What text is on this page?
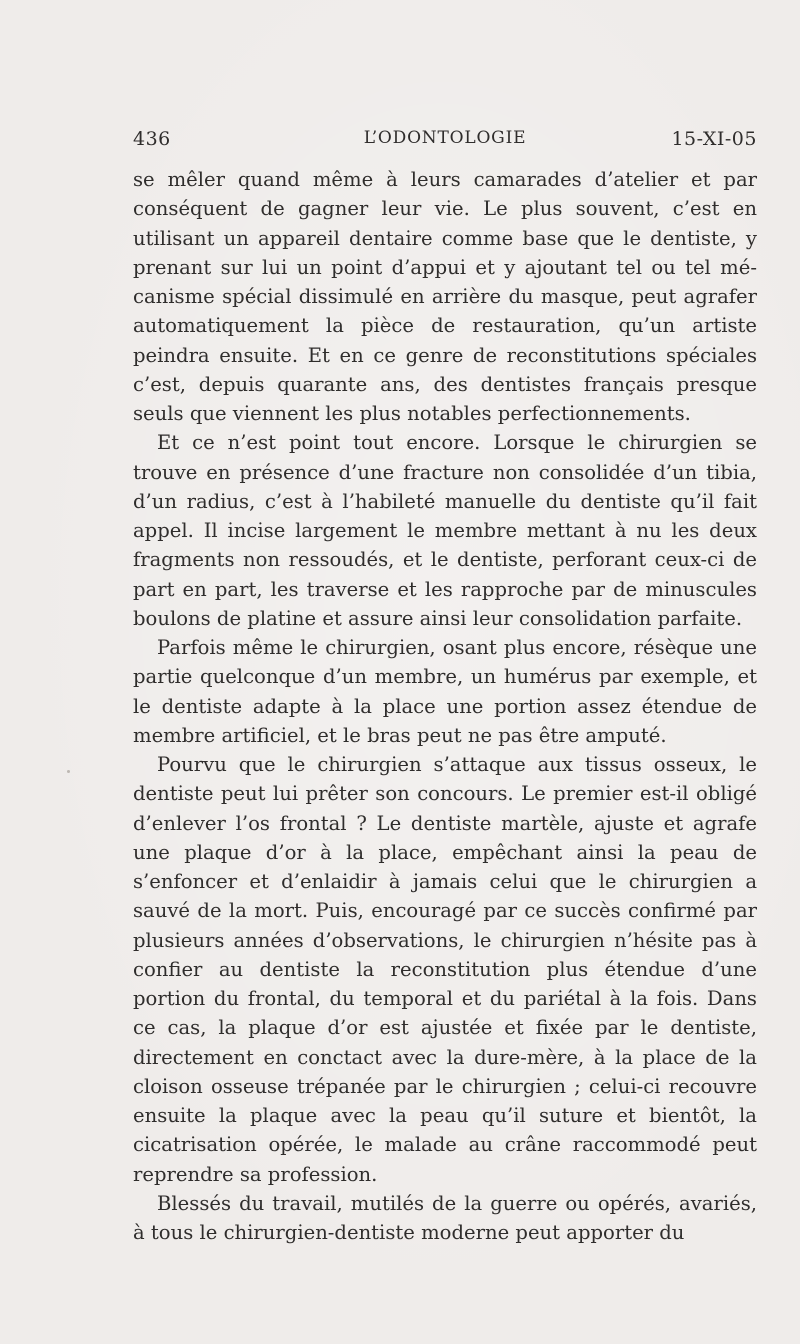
436	L’ODONTOLOGIE	15-XI-05

se mêler quand même à leurs camarades d’atelier et par conséquent de gagner leur vie. Le plus souvent, c’est en utilisant un appareil dentaire comme base que le dentiste, y prenant sur lui un point d’appui et y ajoutant tel ou tel mécanisme spécial dissimulé en arrière du masque, peut agrafer automatiquement la pièce de restauration, qu’un artiste peindra ensuite. Et en ce genre de reconstitutions spéciales c’est, depuis quarante ans, des dentistes français presque seuls que viennent les plus notables perfectionnements.

Et ce n’est point tout encore. Lorsque le chirurgien se trouve en présence d’une fracture non consolidée d’un tibia, d’un radius, c’est à l’habileté manuelle du dentiste qu’il fait appel. Il incise largement le membre mettant à nu les deux fragments non ressoudés, et le dentiste, perforant ceux-ci de part en part, les traverse et les rapproche par de minuscules boulons de platine et assure ainsi leur consolidation parfaite.

Parfois même le chirurgien, osant plus encore, résèque une partie quelconque d’un membre, un humérus par exemple, et le dentiste adapte à la place une portion assez étendue de membre artificiel, et le bras peut ne pas être amputé.

Pourvu que le chirurgien s’attaque aux tissus osseux, le dentiste peut lui prêter son concours. Le premier est-il obligé d’enlever l’os frontal ? Le dentiste martèle, ajuste et agrafe une plaque d’or à la place, empêchant ainsi la peau de s’enfoncer et d’enlaidir à jamais celui que le chirurgien a sauvé de la mort. Puis, encouragé par ce succès confirmé par plusieurs années d’observations, le chirurgien n’hésite pas à confier au dentiste la reconstitution plus étendue d’une portion du frontal, du temporal et du pariétal à la fois. Dans ce cas, la plaque d’or est ajustée et fixée par le dentiste, directement en conctact avec la dure-mère, à la place de la cloison osseuse trépanée par le chirurgien ; celui-ci recouvre ensuite la plaque avec la peau qu’il suture et bientôt, la cicatrisation opérée, le malade au crâne raccommodé peut reprendre sa profession.

Blessés du travail, mutilés de la guerre ou opérés, avariés, à tous le chirurgien-dentiste moderne peut apporter du
